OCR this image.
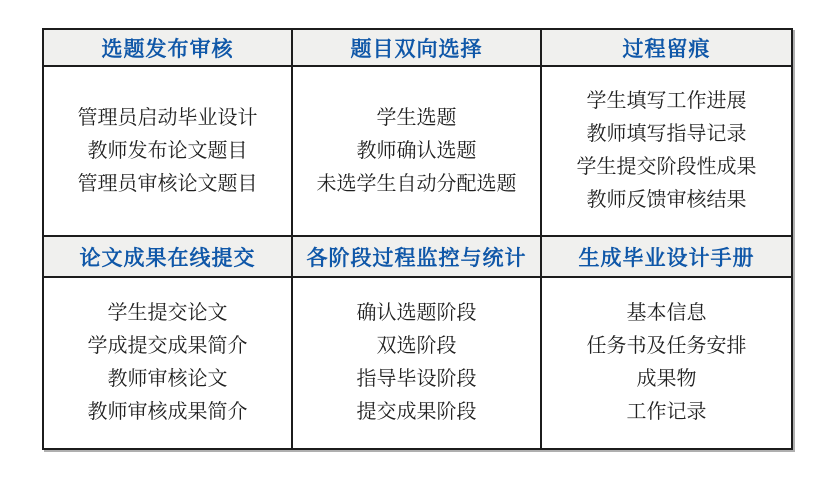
选题发布审核	题目双向选择	过程留痕
管理员启动毕业设计
教师发布论文题目
管理员审核论文题目
学生选题
教师确认选题
未选学生自动分配选题
学生填写工作进展
教师填写指导记录
学生提交阶段性成果
教师反馈审核结果
论文成果在线提交 各阶段过程监控与统计 生成毕业设计手册
学生提交论文
学成提交成果简介
教师审核论文
教师审核成果简介
确认选题阶段
双选阶段
指导毕设阶段
提交成果阶段
基本信息
任务书及任务安排
成果物
工作记录
